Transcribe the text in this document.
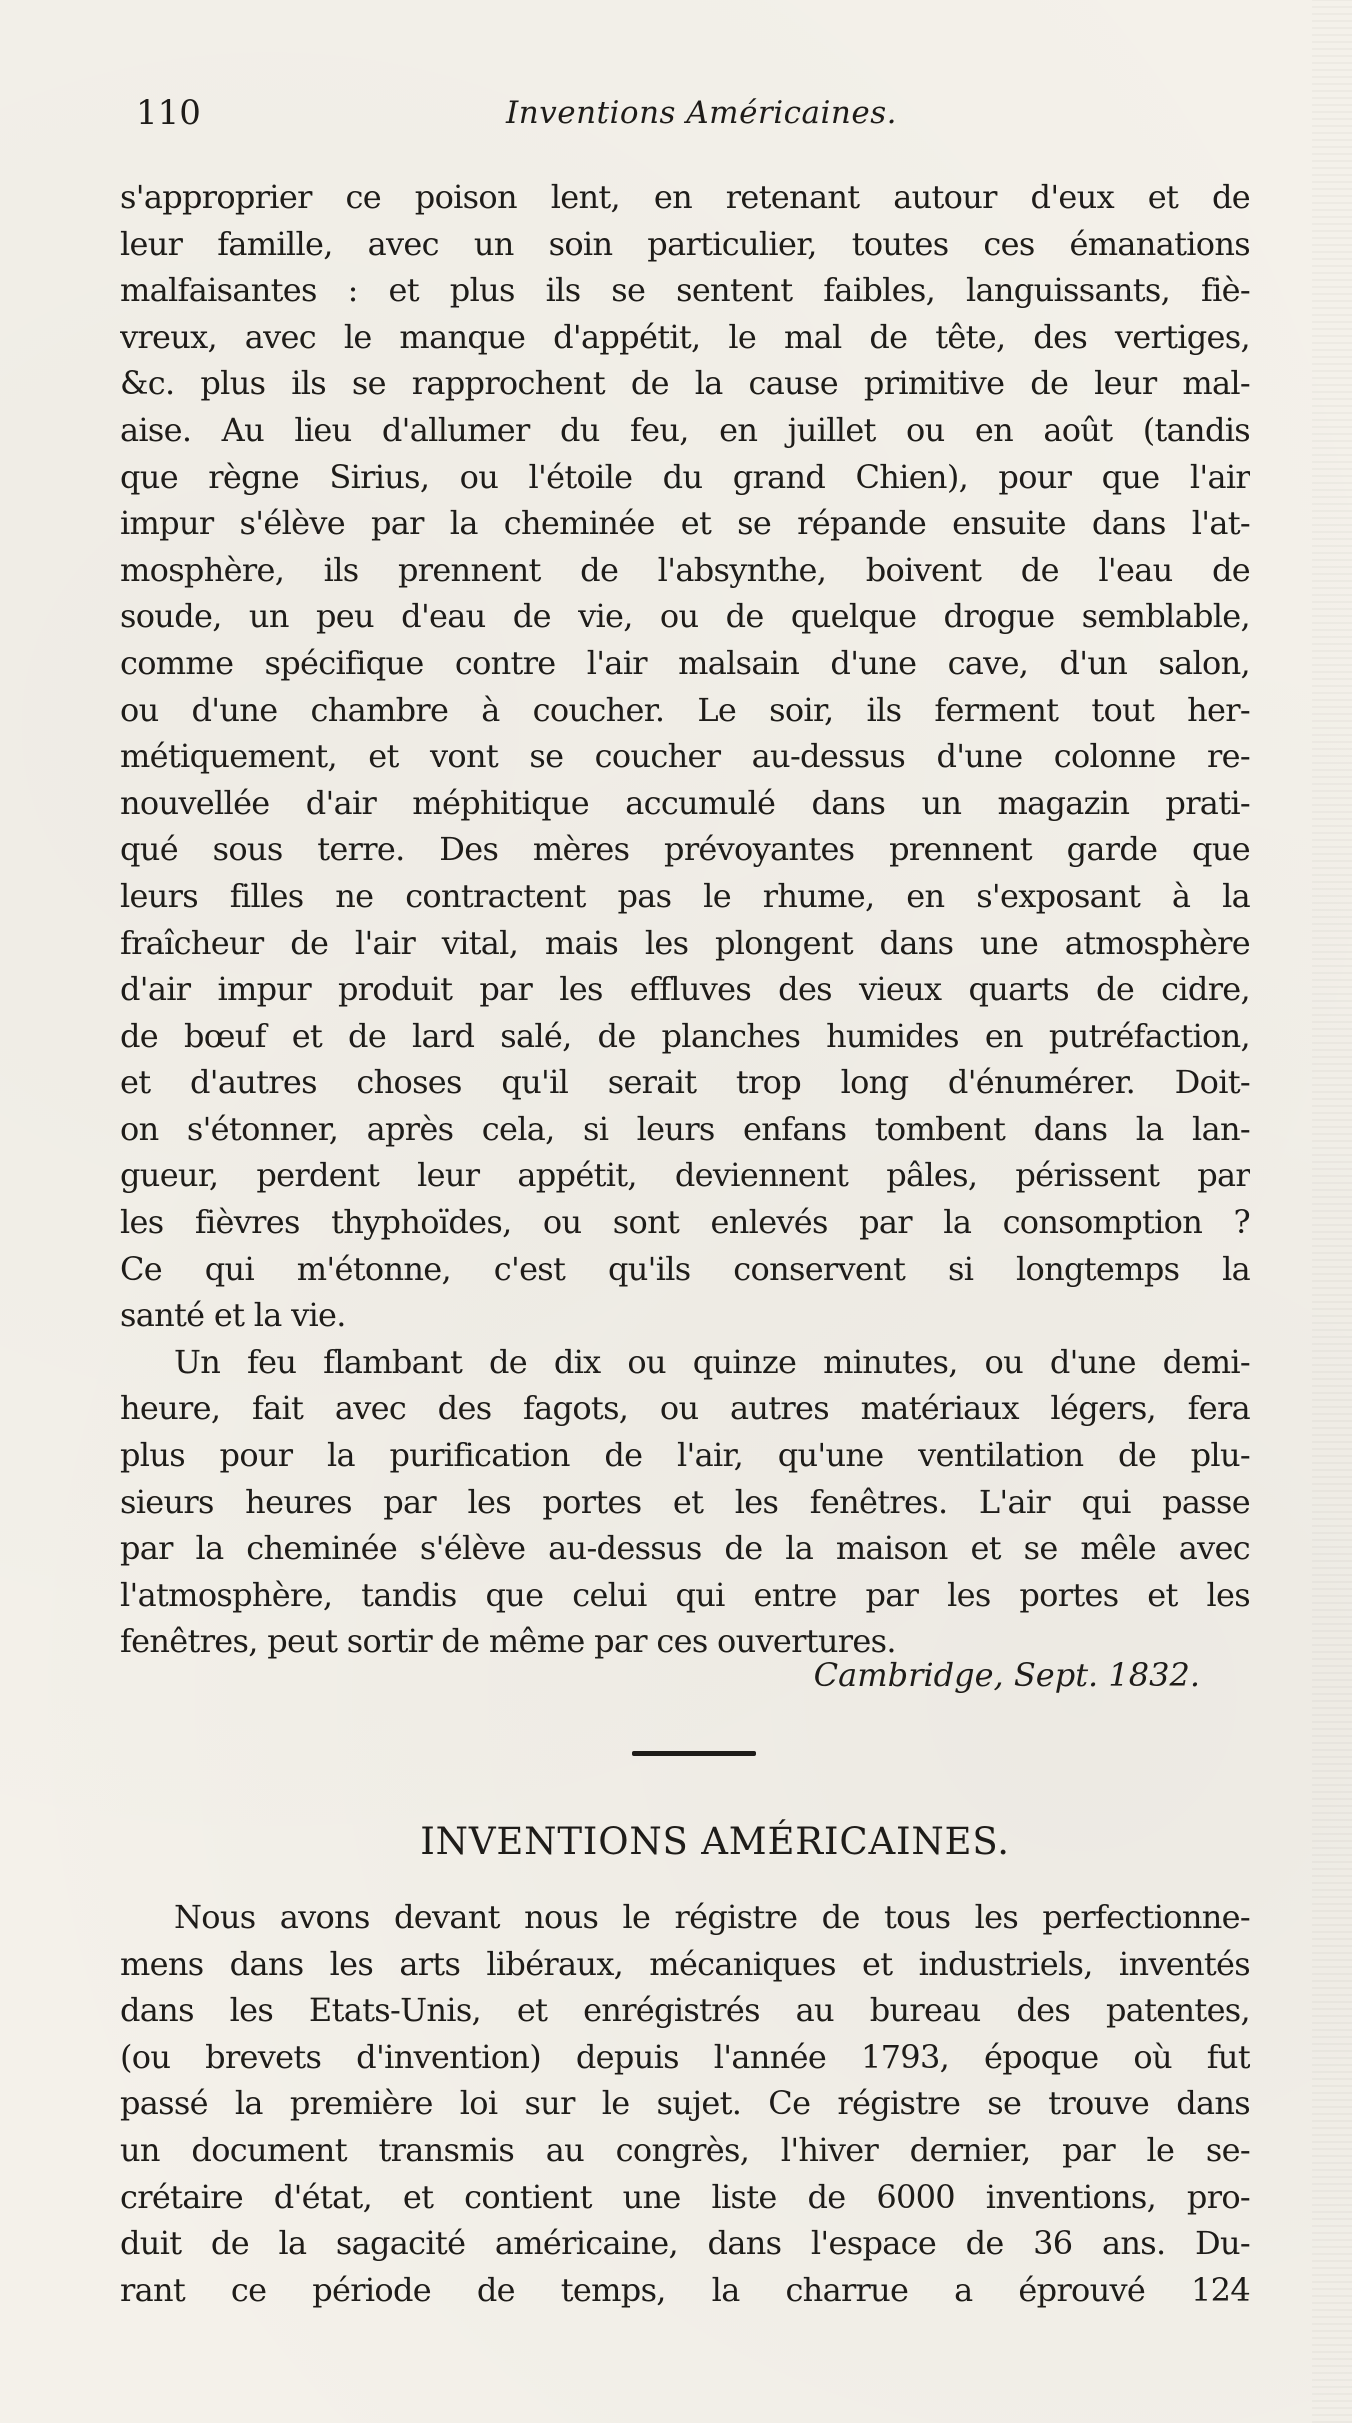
110	Inventions Américaines.
s'approprier ce poison lent, en retenant autour d'eux et de
leur famille, avec un soin particulier, toutes ces émanations
malfaisantes : et plus ils se sentent faibles, languissants, fiè-
vreux, avec le manque d'appétit, le mal de tête, des vertiges,
&c. plus ils se rapprochent de la cause primitive de leur mal-
aise. Au lieu d'allumer du feu, en juillet ou en août (tandis
que règne Sirius, ou l'étoile du grand Chien), pour que l'air
impur s'élève par la cheminée et se répande ensuite dans l'at-
mosphère, ils prennent de l'absynthe, boivent de l'eau de
soude, un peu d'eau de vie, ou de quelque drogue semblable,
comme spécifique contre l'air malsain d'une cave, d'un salon,
ou d'une chambre à coucher. Le soir, ils ferment tout her-
métiquement, et vont se coucher au-dessus d'une colonne re-
nouvellée d'air méphitique accumulé dans un magazin prati-
qué sous terre. Des mères prévoyantes prennent garde que
leurs filles ne contractent pas le rhume, en s'exposant à la
fraîcheur de l'air vital, mais les plongent dans une atmosphère
d'air impur produit par les effluves des vieux quarts de cidre,
de bœuf et de lard salé, de planches humides en putréfaction,
et d'autres choses qu'il serait trop long d'énumérer. Doit-
on s'étonner, après cela, si leurs enfans tombent dans la lan-
gueur, perdent leur appétit, deviennent pâles, périssent par
les fièvres thyphoïdes, ou sont enlevés par la consomption ?
Ce qui m'étonne, c'est qu'ils conservent si longtemps la
santé et la vie.
Un feu flambant de dix ou quinze minutes, ou d'une demi-
heure, fait avec des fagots, ou autres matériaux légers, fera
plus pour la purification de l'air, qu'une ventilation de plu-
sieurs heures par les portes et les fenêtres. L'air qui passe
par la cheminée s'élève au-dessus de la maison et se mêle avec
l'atmosphère, tandis que celui qui entre par les portes et les
fenêtres, peut sortir de même par ces ouvertures.
Cambridge, Sept. 1832.
INVENTIONS AMÉRICAINES.
Nous avons devant nous le régistre de tous les perfectionne-
mens dans les arts libéraux, mécaniques et industriels, inventés
dans les Etats-Unis, et enrégistrés au bureau des patentes,
(ou brevets d'invention) depuis l'année 1793, époque où fut
passé la première loi sur le sujet. Ce régistre se trouve dans
un document transmis au congrès, l'hiver dernier, par le se-
crétaire d'état, et contient une liste de 6000 inventions, pro-
duit de la sagacité américaine, dans l'espace de 36 ans. Du-
rant ce période de temps, la charrue a éprouvé 124
